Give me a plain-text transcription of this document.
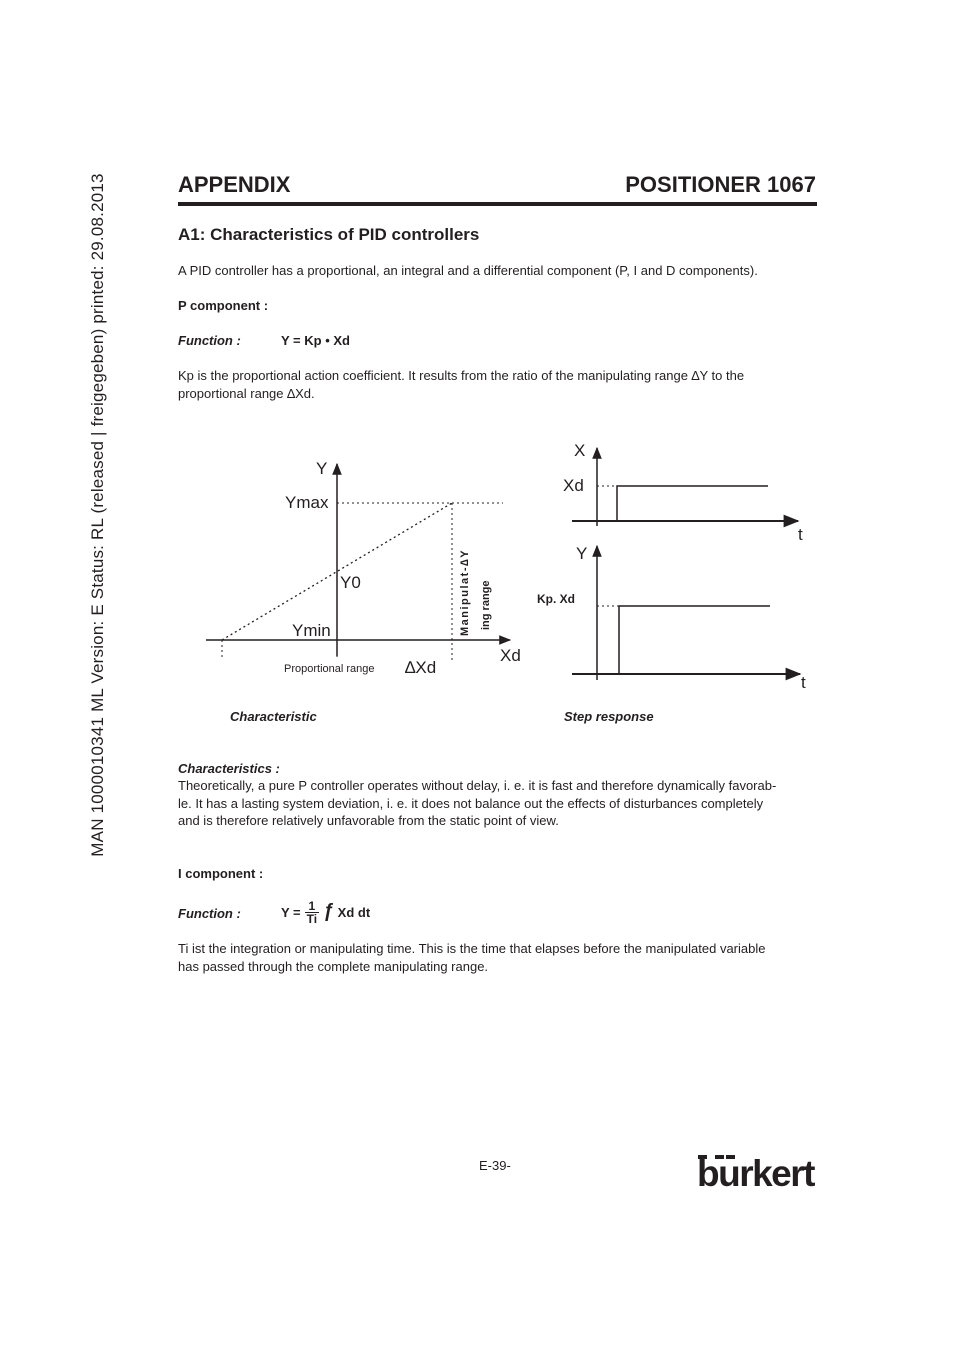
MAN 1000010341 ML Version: E Status: RL (released | freigegeben) printed: 29.08.2013	APPENDIX	POSITIONER 1067
A1: Characteristics of PID controllers
A PID controller has a proportional, an integral and a differential component (P, I and D components).
P component :
Function :	Y = Kp • Xd
Kp is the proportional action coefficient. It results from the ratio of the manipulating range ∆Y to the
proportional range ∆Xd.
Y
Ymax
Y0
Ymin
Xd
Proportional range ∆Xd
Manipulat-∆Y ing range
X
Xd
t
Y
Kp. Xd
t
Characteristic	Step response
Characteristics :
Theoretically, a pure P controller operates without delay, i. e. it is fast and therefore dynamically favorab-
le. It has a lasting system deviation, i. e. it does not balance out the effects of disturbances completely
and is therefore relatively unfavorable from the static point of view.
I component :
Function :	$Y = \frac{1}{Ti}$ ƒ Xd dt
Ti ist the integration or manipulating time. This is the time that elapses before the manipulated variable
has passed through the complete manipulating range.
E-39-	burkert
